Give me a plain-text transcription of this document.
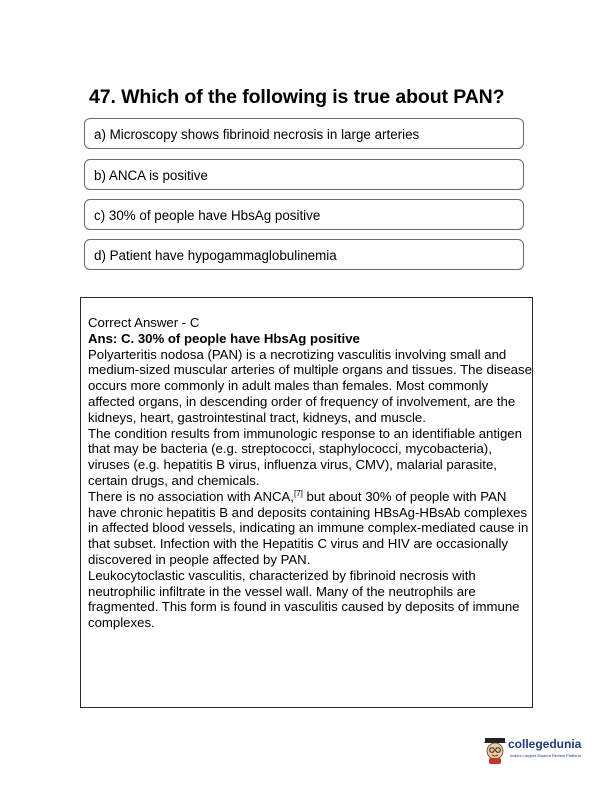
47. Which of the following is true about PAN?
a) Microscopy shows fibrinoid necrosis in large arteries
b) ANCA is positive
c) 30% of people have HbsAg positive
d) Patient have hypogammaglobulinemia

Correct Answer - C

Ans: C. 30% of people have HbsAg positive

Polyarteritis nodosa (PAN) is a necrotizing vasculitis involving small and medium-sized muscular arteries of multiple organs and tissues. The disease occurs more commonly in adult males than females. Most commonly affected organs, in descending order of frequency of involvement, are the kidneys, heart, gastrointestinal tract, kidneys, and muscle.

The condition results from immunologic response to an identifiable antigen that may be bacteria (e.g. streptococci, staphylococci, mycobacteria), viruses (e.g. hepatitis B virus, influenza virus, CMV), malarial parasite, certain drugs, and chemicals.

There is no association with ANCA,[7] but about 30% of people with PAN have chronic hepatitis B and deposits containing HBsAg-HBsAb complexes in affected blood vessels, indicating an immune complex-mediated cause in that subset. Infection with the Hepatitis C virus and HIV are occasionally discovered in people affected by PAN.

Leukocytoclastic vasculitis, characterized by fibrinoid necrosis with neutrophilic infiltrate in the vessel wall. Many of the neutrophils are fragmented. This form is found in vasculitis caused by deposits of immune complexes.

collegedunia
India's Largest Student Review Platform
